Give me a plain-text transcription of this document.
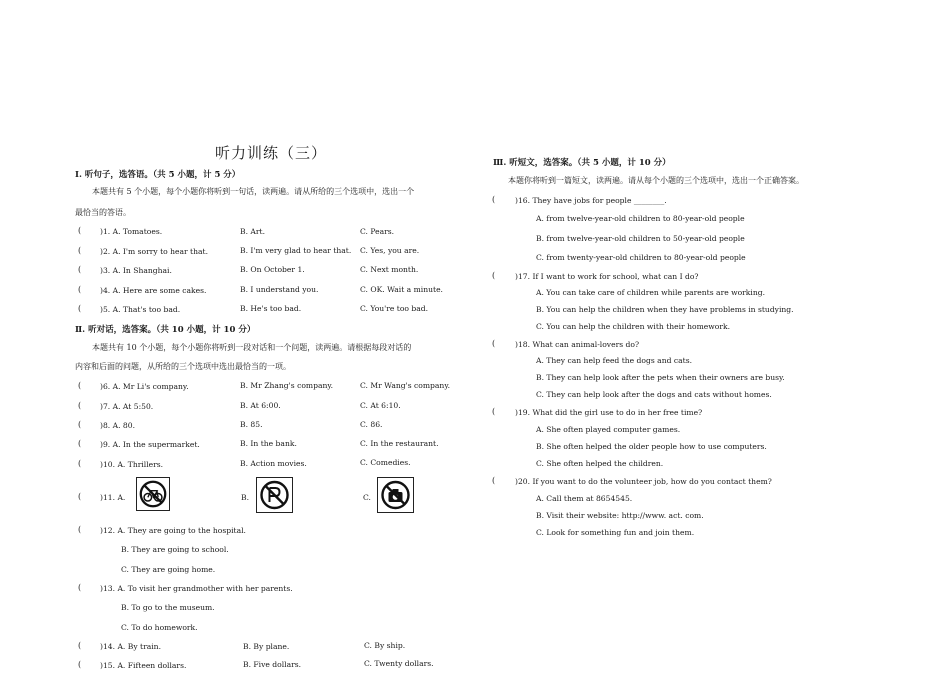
听力训练（三）
Ⅰ. 听句子，选答语。（共 5 小题，计 5 分）
本题共有 5 个小题，每个小题你将听到一句话，读两遍。请从所给的三个选项中，选出一个
最恰当的答语。
( )1. A. Tomatoes.	B. Art.	C. Pears.
( )2. A. I'm sorry to hear that.	B. I'm very glad to hear that. C. Yes, you are.
( )3. A. In Shanghai.	B. On October 1.	C. Next month.
( )4. A. Here are some cakes.	B. I understand you.	C. OK. Wait a minute.
( )5. A. That's too bad.	B. He's too bad.	C. You're too bad.
Ⅱ. 听对话，选答案。（共 10 小题，计 10 分）
本题共有 10 个小题，每个小题你将听到一段对话和一个问题，读两遍。请根据每段对话的
内容和后面的问题，从所给的三个选项中选出最恰当的一项。
( )6. A. Mr Li's company.	B. Mr Zhang's company.	C. Mr Wang's company.
( )7. A. At 5:50.	B. At 6:00.	C. At 6:10.
( )8. A. 80.	B. 85.	C. 86.
( )9. A. In the supermarket.	B. In the bank.	C. In the restaurant.
( )10. A. Thrillers.	B. Action movies.	C. Comedies.
( )11. A.	B.	C.
( )12. A. They are going to the hospital.
B. They are going to school.
C. They are going home.
( )13. A. To visit her grandmother with her parents.
B. To go to the museum.
C. To do homework.
( )14. A. By train.	B. By plane.	C. By ship.
( )15. A. Fifteen dollars.	B. Five dollars.	C. Twenty dollars.
Ⅲ. 听短文，选答案。（共 5 小题，计 10 分）
本题你将听到一篇短文，读两遍。请从每个小题的三个选项中，选出一个正确答案。
(	)16. They have jobs for people ________.
A. from twelve-year-old children to 80-year-old people
B. from twelve-year-old children to 50-year-old people
C. from twenty-year-old children to 80-year-old people
(	)17. If I want to work for school, what can I do?
A. You can take care of children while parents are working.
B. You can help the children when they have problems in studying.
C. You can help the children with their homework.
(	)18. What can animal-lovers do?
A. They can help feed the dogs and cats.
B. They can help look after the pets when their owners are busy.
C. They can help look after the dogs and cats without homes.
(	)19. What did the girl use to do in her free time?
A. She often played computer games.
B. She often helped the older people how to use computers.
C. She often helped the children.
(	)20. If you want to do the volunteer job, how do you contact them?
A. Call them at 8654545.
B. Visit their website: http://www. act. com.
C. Look for something fun and join them.
